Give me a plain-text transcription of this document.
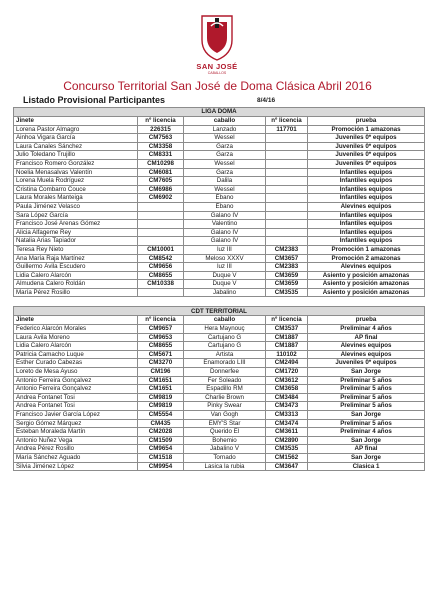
SAN JOSÉ
CABALLOS
Concurso Territorial San José de Doma Clásica Abril 2016
Listado Provisional Participantes	8/4/16
LIGA DOMA				
Jinete	nº licencia	caballo	nº licencia	prueba
Lorena Pastor Almagro	226315	Lanzado	117701	Promoción 1 amazonas
Ainhoa Vigara García	CM7563	Wessel		Juveniles 0* equipos
Laura Canales Sánchez	CM3358	Garza		Juveniles 0* equipos
Julio Toledano Trujillo	CM8331	Garza		Juveniles 0* equipos
Francisco Romero González	CM10298	Wessel		Juveniles 0* equipos
Noelia Menasalvas Valentín	CM6081	Garza		Infantiles equipos
Lorena Muela Rodríguez	CM7605	Dalila		Infantiles equipos
Cristina Combarro Couce	CM6986	Wessel		Infantiles equipos
Laura Morales Manteiga	CM6902	Ébano		Infantiles equipos
Paula Jiménez Velasco		Ébano		Alevines equipos
Sara López García		Galano IV		Infantiles equipos
Francisco José Arenas Gómez		Valentino		Infantiles equipos
Alicia Alfageme Rey		Galano IV		Infantiles equipos
Natalia Arias Tapiador		Galano IV		Infantiles equipos
Teresa Rey Nieto	CM10001	luz III	CM2383	Promoción 1 amazonas
Ana María Raja Martínez	CM8542	Meloso XXXV	CM3657	Promoción 2 amazonas
Guillermo Ávila Escudero	CM9656	luz III	CM2383	Alevines equipos
Lidia Calero Alarcón	CM8655	Duque V	CM3659	Asiento y posición amazonas
Almudena Calero Roldán	CM10338	Duque V	CM3659	Asiento y posición amazonas
María Pérez Rosillo		Jabalino	CM3535	Asiento y posición amazonas

CDT TERRITORIAL				
Jinete	nº licencia	caballo	nº licencia	prueba
Federico Alarcón Morales	CM9657	Hera Maynouç	CM3537	Preliminar 4 años
Laura Ávila Moreno	CM9653	Cartujano G	CM1887	AP final
Lidia Calero Alarcón	CM8655	Cartujano G	CM1887	Alevines equipos
Patricia Camacho Luque	CM5671	Artista	110102	Alevines equipos
Esther Curado Cabezas	CM3270	Enamorado LIII	CM2494	Juveniles 0* equipos
Loreto de Mesa Ayuso	CM196	Donnerfee	CM1720	San Jorge
Antonio Ferreira Gonçalvez	CM1651	Fer Soleado	CM3612	Preliminar 5 años
Antonio Ferreira Gonçalvez	CM1651	Espadillo RM	CM3658	Preliminar 5 años
Andrea Fontanet Tosi	CM9819	Charlie Brown	CM3484	Preliminar 5 años
Andrea Fontanet Tosi	CM9819	Pinky Swear	CM3473	Preliminar 5 años
Francisco Javier García López	CM5554	Van Gogh	CM3313	San Jorge
Sergio Gómez Márquez	CM435	EMY'S Star	CM3474	Preliminar 5 años
Esteban Moraleda Martín	CM2028	Querido El	CM3611	Preliminar 4 años
Antonio Nuñez Vega	CM1509	Bohemio	CM2890	San Jorge
Andrea Pérez Rosillo	CM9654	Jabalino V	CM3535	AP final
María Sánchez Aguado	CM1518	Tornado	CM1562	San Jorge
Silvia Jiménez López	CM9954	Lasica la rubia	CM3647	Clasica 1
